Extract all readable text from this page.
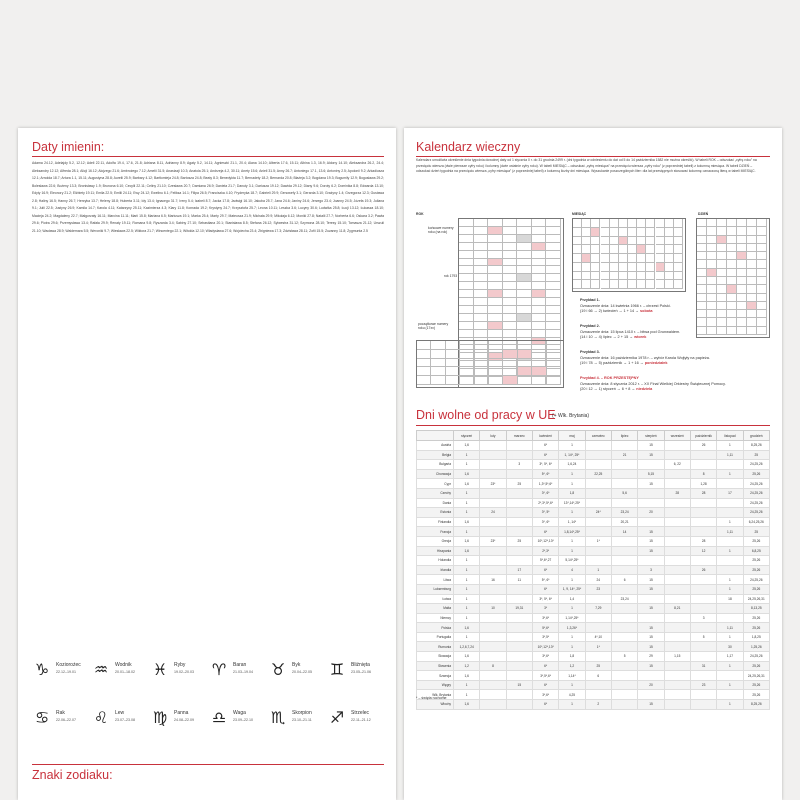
Daty imienin:
Adama 24.12, Adelajdy 5.2, 12.12; Adeli 22.11, Adolfa 19.4, 17.6, 21.8; Adriana 8.11, Adrianny 8.9; Agaty 5.2, 14.11; Agnieszki 21.1, 20.4; Alana 14.10; Alberta 17.6, 15.11; Albina 1.3, 16.9; Aldony 14.10; Aleksandra 26.2, 24.4; Aleksandry 12.12; Alfreda 28.1; Alicji 16.12; Alojzego 21.6; Ambrożego 7.12; Amelii 31.5; Anastazji 10.3; Anatola 25.1; Andrzeja 4.2, 30.11; Anety 15.6; Anieli 31.5; Anny 26.7; Antoniego 17.1, 13.6; Antoniny 2.5; Apolonii 9.2; Arkadiusza 12.1; Arnolda 18.7; Artura 1.1, 15.11; Augustyna 28.8; Aurelii 25.9; Barbary 4.12; Bartłomieja 24.8; Bartosza 24.8; Beaty 8.3; Benedykta 11.7; Bernadety 18.2; Bernarda 20.8; Błażeja 3.2; Bogdana 19.3; Bogumiły 12.9; Bogusława 29.2; Bolesława 22.6; Bożeny 13.3; Bronisławy 1.9; Brunona 6.10; Cecylii 22.11; Celiny 21.10; Czesława 20.7; Damiana 26.9; Daniela 21.7; Danuty 3.1; Dariusza 19.12; Dawida 29.12; Diany 9.6; Doroty 6.2; Dominika 8.8; Edwarda 13.10; Edyty 16.9; Eleonory 21.2; Elżbiety 19.11; Emila 22.5; Emilii 24.11; Ewy 24.12; Ewelinu 6.1; Feliksa 14.1; Filipa 26.5; Franciszka 4.10; Fryderyka 18.7; Gabrieli 29.9; Genowefy 3.1; Gerarda 3.10; Grażyny 1.4; Grzegorza 12.3; Gustawa 2.8; Haliny 16.5; Hanny 26.7; Henryka 13.7; Heleny 18.8; Huberta 3.11; Idy 13.4; Ignacego 31.7; Ireny 5.4; Izabeli 8.7; Jacka 17.8; Jadwigi 16.10; Jakuba 25.7; Jana 24.6; Janiny 24.6; Jerzego 23.4; Joanny 24.5; Józefa 19.3; Juliana 9.1; Julii 22.5; Justyny 26.9; Kamila 14.7; Karola 4.11; Katarzyny 25.11; Kazimierza 4.3; Klary 11.8; Konrada 19.2; Krystyny 24.7; Krzysztofa 25.7; Leona 10.11; Leszka 3.6; Lucyny 30.6; Ludwika 25.8; Łucji 13.12; Łukasza 18.10; Macieja 24.2; Magdaleny 22.7; Małgorzaty 16.11; Marcina 11.11; Marii 15.8; Mariana 6.5; Mariusza 19.1; Marka 25.4; Marty 29.7; Mateusza 21.9; Michała 29.9; Mikołaja 6.12; Moniki 27.8; Natalii 27.7; Norberta 6.6; Oskara 3.2; Pawła 29.6; Piotra 29.6; Przemysława 13.4; Rafała 29.9; Renaty 19.11; Romana 9.8; Ryszarda 3.4; Sabiny 27.10; Sebastiana 20.1; Stanisława 8.5; Stefana 26.12; Sylwestra 31.12; Szymona 28.10; Teresy 15.10; Tomasza 21.12; Urszuli 21.10; Wacława 28.9; Waldemara 5.5; Weroniki 9.7; Wiesława 22.5; Wiktora 21.7; Wincentego 22.1; Witolda 12.10; Władysława 27.6; Wojciecha 23.4; Zbigniewa 17.3; Zdzisława 28.11; Zofii 15.5; Zuzanny 11.8; Zygmunta 2.5
Znaki zodiaku:
♑	Koziorożec
22.12–19.01 ♒	Wodnik
20.01–18.02 ♓	Ryby
19.02–20.03 ♈	Baran
21.03–19.04 ♉	Byk
20.04–22.05 ♊	Bliźnięta
23.05–21.06
♋	Rak
22.06–22.07 ♌	Lew
23.07–23.08 ♍	Panna
24.08–22.09 ♎	Waga
23.09–22.10 ♏	Skorpion
23.10–21.11 ♐	Strzelec
22.11–21.12
Kalendarz wieczny
Kalendarz umożliwia określenie dnia tygodnia dowolnej daty od 1 stycznia 0 r. do 31 grudnia 2499 r. (dni tygodnia w odniesieniu do dat od 5 do 14 października 1582 nie można określić). W tabeli ROK – odszukać „cyfrę roku” na przecięciu wiersza (dwie pierwsze cyfry roku) i kolumny (dwie ostatnie cyfry roku). W tabeli MIESIĄC – odszukać „cyfrę miesiąca” na przecięciu wiersza „cyfry roku” (z poprzedniej tabeli) z kolumną miesiąca. W tabeli DZIEŃ – odszukać dzień tygodnia na przecięciu wiersza „cyfry miesiąca” (z poprzedniej tabeli) z kolumną liczby dni miesiąca. Wyszukanie poszczególnych liter: dla lat przestępnych stosować kolumnę oznaczoną literą w tabeli MIESIĄC.
ROK	MIESIĄC	DZIEŃ
końcowe numery roku (na rok)
rok 1793
początkowe numery roku (17xx)
Przykład 1.
Oznaczenie dnia: 14 kwietnia 1966 r. – chrzest Polski.
(19 i 66 → 2) kwiecień → 1 + 14 → sobota
Przykład 2.
Oznaczenie dnia: 15 lipca 1410 r. – bitwa pod Grunwaldem.
(14 i 10 → 4) lipiec → 2 + 15 → wtorek
Przykład 3.
Oznaczenie dnia: 16 października 1978 r. – wybór Karola Wojtyły na papieża.
(19 i 78 → 5) październik → 1 + 16 → poniedziałek
Przykład 4. – ROK PRZESTĘPNY
Oznaczenie dnia: 8 stycznia 2012 r. – XX Finał Wielkiej Orkiestry Świątecznej Pomocy.
(20 i 12 → 1) styczeń → 6 + 8 → niedziela
Dni wolne od pracy w UE
(+ Wlk. Brytania)
	styczeń	luty	marzec	kwiecień	maj	czerwiec	lipiec	sierpień	wrzesień	październik	listopad	grudzień
Austria	1,6			6*	1			15		26	1	8,25,26
Belgia	1			6*	1, 14*, 25*		21	15			1,11	25
Bułgaria	1		3	3*, 5*, 6*	1,6,24				6, 22			24,25,26
Chorwacja	1,6			5*, 6*	1	22,25		5,15		8	1	25,26
Cypr	1,6	23*	25	1,3*,5*,6*	1			15		1,28		24,25,26
Czechy	1			3*, 6*	1,8		5,6		28	28	17	24,25,26
Dania	1			2*,3*,5*,6*	13*,14*,25*							24,25,26
Estonia	1	24		3*, 5*	1	24*	23,24	20				24,25,26
Finlandia	1,6			3*, 6*	1, 14*		20,21				1	6,24,25,26
Francja	1			6*	1,8,14*,25*		14	15			1,11	25
Grecja	1,6	23*	25	10*,12*,13*	1	1*		15		28		25,26
Hiszpania	1,6			2*,3*	1			15		12	1	6,8,25
Holandia	1			5*,6*,27	5,14*,25*							25,26
Irlandia	1		17	6*	4	1		3		26		25,26
Litwa	1	16	11	5*, 6*	1	24	6	15			1	24,25,26
Luksemburg	1			6*	1, 9, 14*, 25*	23		15			1	25,26
Łotwa	1			3*, 5*, 6*	1,4		23,24				18	24,25,26,31
Malta	1	10	19,31	3*	1	7,29		15	8,21			8,13,25
Niemcy	1			3*,6*	1,14*,25*					3		25,26
Polska	1,6			5*,6*	1,3,26*			15			1,11	25,26
Portugalia	1			3*,5*	1	4*,10		15		5	1	1,8,25
Rumunia	1,2,6,7,24			10*,12*,13*	1	1*		15			30	1,25,26
Słowacja	1,6			3*,6*	1,8		5	29	1,15		1,17	24,25,26
Słowenia	1,2	8		6*	1,2	25		15		31	1	25,26
Szwecja	1,6			3*,5*,6*	1,14*	6						24,25,26,31
Węgry	1		15	6*	1			20		23	1	25,26
Wlk. Brytania	1			3*,6*	4,25							25,26
Włochy	1,6			6*	1	2		15			1	8,25,26
* – święta ruchome
